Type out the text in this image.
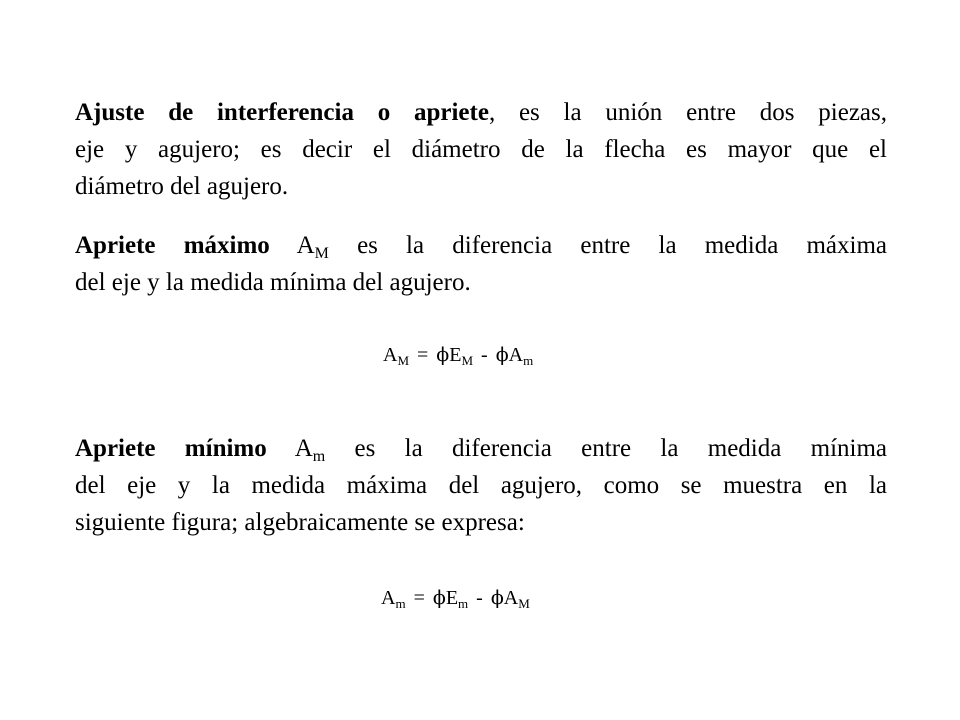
Ajuste de interferencia o apriete, es la unión entre dos piezas,
eje y agujero; es decir el diámetro de la flecha es mayor que el
diámetro del agujero.
Apriete máximo $A_M$ es la diferencia entre la medida máxima
del eje y la medida mínima del agujero.
$A_M = \phi E_M - \phi A_m$
Apriete mínimo $A_m$ es la diferencia entre la medida mínima
del eje y la medida máxima del agujero, como se muestra en la
siguiente figura; algebraicamente se expresa:
$A_m = \phi E_m - \phi A_M$
